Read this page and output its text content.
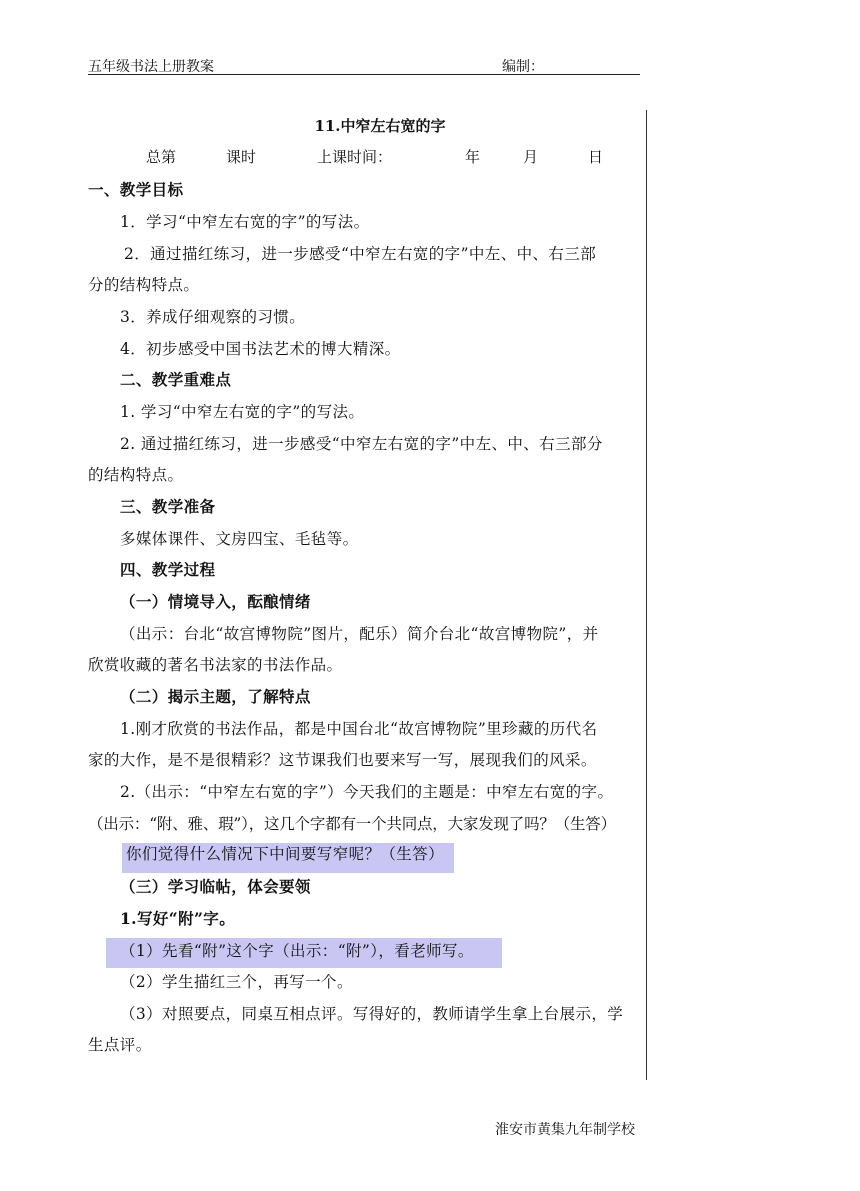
五年级书法上册教案	编制：
11.中窄左右宽的字
总第	课时	上课时间：	年	月	日
一、教学目标
1．学习“中窄左右宽的字”的写法。
2．通过描红练习，进一步感受“中窄左右宽的字”中左、中、右三部
分的结构特点。
3．养成仔细观察的习惯。
4．初步感受中国书法艺术的博大精深。
二、教学重难点
1. 学习“中窄左右宽的字”的写法。
2. 通过描红练习，进一步感受“中窄左右宽的字”中左、中、右三部分
的结构特点。
三、教学准备
多媒体课件、文房四宝、毛毡等。
四、教学过程
（一）情境导入，酝酿情绪
（出示：台北“故宫博物院”图片，配乐）简介台北“故宫博物院”，并
欣赏收藏的著名书法家的书法作品。
（二）揭示主题，了解特点
1.刚才欣赏的书法作品，都是中国台北“故宫博物院”里珍藏的历代名
家的大作，是不是很精彩？这节课我们也要来写一写，展现我们的风采。
2.（出示：“中窄左右宽的字”）今天我们的主题是：中窄左右宽的字。
（出示：“附、雅、瑕”），这几个字都有一个共同点，大家发现了吗？（生答）
你们觉得什么情况下中间要写窄呢？（生答）
（三）学习临帖，体会要领
1.写好“附”字。
（1）先看“附”这个字（出示：“附”），看老师写。
（2）学生描红三个，再写一个。
（3）对照要点，同桌互相点评。写得好的，教师请学生拿上台展示，学
生点评。
淮安市黄集九年制学校
